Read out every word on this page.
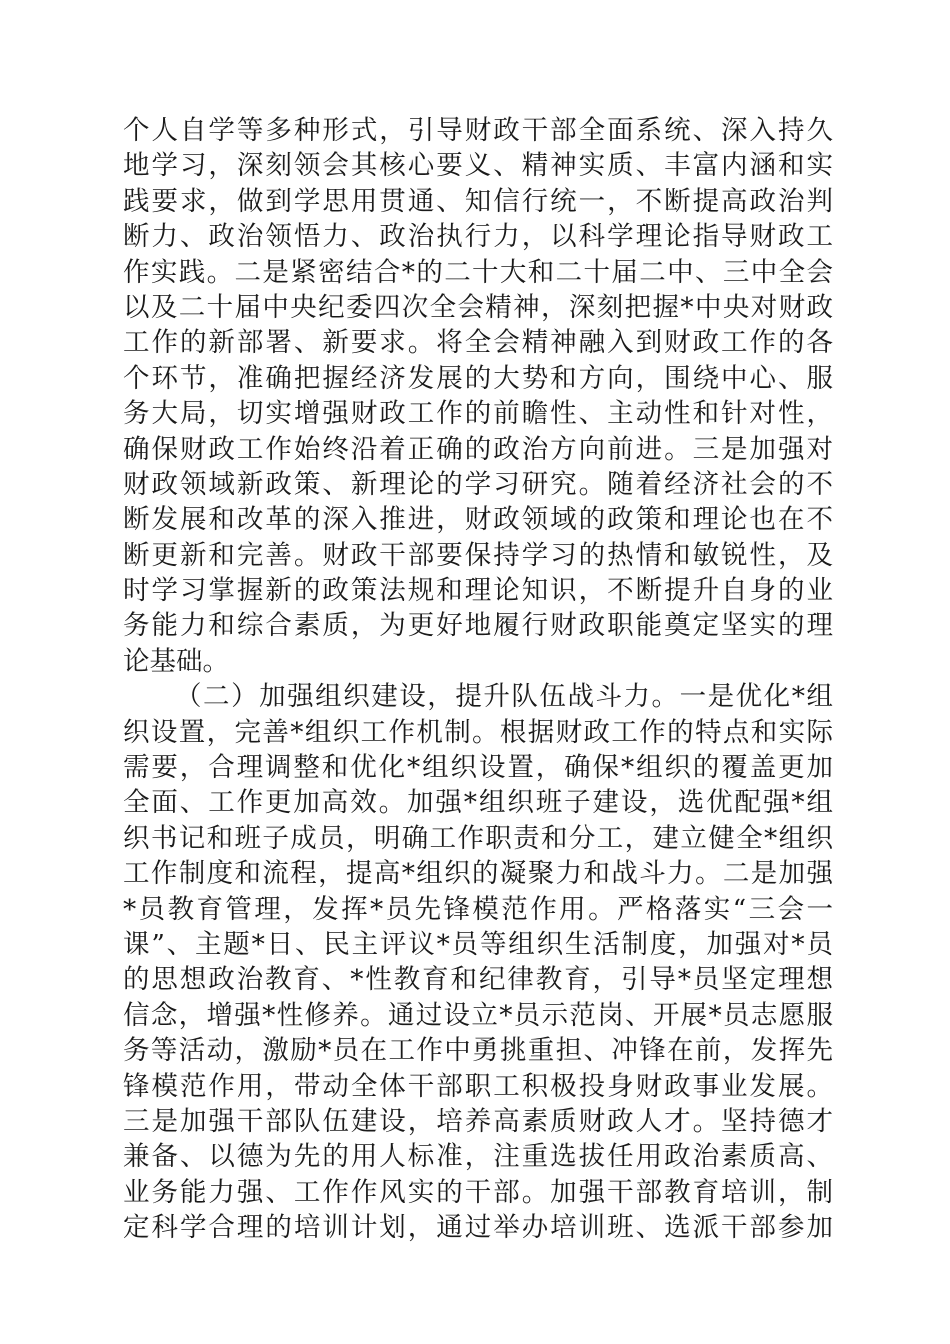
个人自学等多种形式，引导财政干部全面系统、深入持久
地学习，深刻领会其核心要义、精神实质、丰富内涵和实
践要求，做到学思用贯通、知信行统一，不断提高政治判
断力、政治领悟力、政治执行力，以科学理论指导财政工
作实践。二是紧密结合*的二十大和二十届二中、三中全会
以及二十届中央纪委四次全会精神，深刻把握*中央对财政
工作的新部署、新要求。将全会精神融入到财政工作的各
个环节，准确把握经济发展的大势和方向，围绕中心、服
务大局，切实增强财政工作的前瞻性、主动性和针对性，
确保财政工作始终沿着正确的政治方向前进。三是加强对
财政领域新政策、新理论的学习研究。随着经济社会的不
断发展和改革的深入推进，财政领域的政策和理论也在不
断更新和完善。财政干部要保持学习的热情和敏锐性，及
时学习掌握新的政策法规和理论知识，不断提升自身的业
务能力和综合素质，为更好地履行财政职能奠定坚实的理
论基础。
（二）加强组织建设，提升队伍战斗力。一是优化*组
织设置，完善*组织工作机制。根据财政工作的特点和实际
需要，合理调整和优化*组织设置，确保*组织的覆盖更加
全面、工作更加高效。加强*组织班子建设，选优配强*组
织书记和班子成员，明确工作职责和分工，建立健全*组织
工作制度和流程，提高*组织的凝聚力和战斗力。二是加强
*员教育管理，发挥*员先锋模范作用。严格落实“三会一
课”、主题*日、民主评议*员等组织生活制度，加强对*员
的思想政治教育、*性教育和纪律教育，引导*员坚定理想
信念，增强*性修养。通过设立*员示范岗、开展*员志愿服
务等活动，激励*员在工作中勇挑重担、冲锋在前，发挥先
锋模范作用，带动全体干部职工积极投身财政事业发展。
三是加强干部队伍建设，培养高素质财政人才。坚持德才
兼备、以德为先的用人标准，注重选拔任用政治素质高、
业务能力强、工作作风实的干部。加强干部教育培训，制
定科学合理的培训计划，通过举办培训班、选派干部参加
